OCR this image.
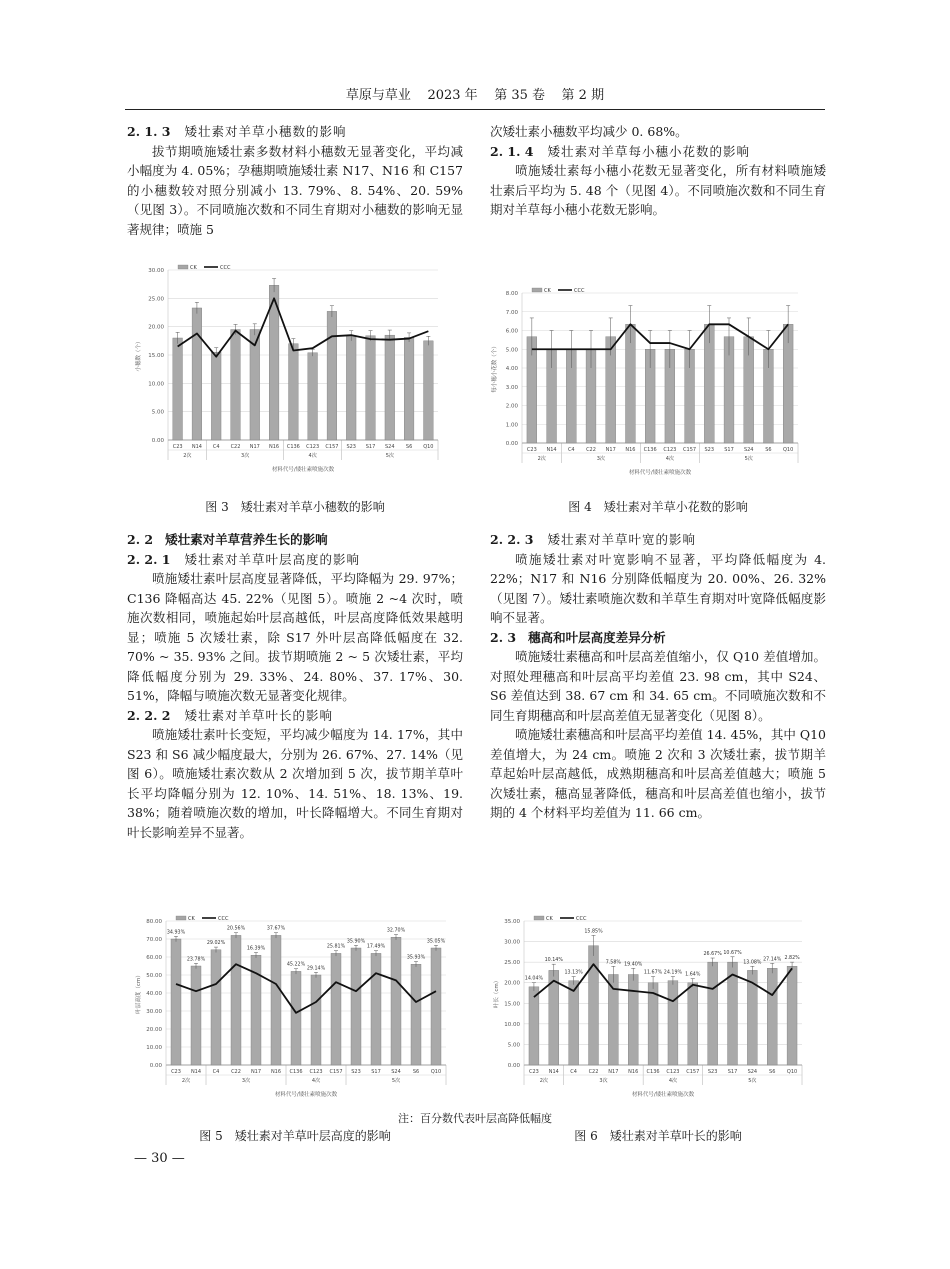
草原与草业 2023 年 第 35 卷 第 2 期
2. 1. 3 矮壮素对羊草小穗数的影响

拔节期喷施矮壮素多数材料小穗数无显著变化，平均减小幅度为 4. 05%；孕穗期喷施矮壮素 N17、N16 和 C157 的小穗数较对照分别减小 13. 79%、8. 54%、20. 59%（见图 3）。不同喷施次数和不同生育期对小穗数的影响无显著规律；喷施 5

次矮壮素小穗数平均减少 0. 68%。

2. 1. 4 矮壮素对羊草每小穗小花数的影响

喷施矮壮素每小穗小花数无显著变化，所有材料喷施矮壮素后平均为 5. 48 个（见图 4）。不同喷施次数和不同生育期对羊草每小穗小花数无影响。

0.00
5.00
10.00
15.00
20.00
25.00
30.00
小穗数（个）
CK	CCC
C23 N14 C4 C22 N17 N16 C136 C123 C157 S23 S17 S24 S6 Q10
2次	3次	4次	5次
材料代号/矮壮素喷施次数
图 3　矮壮素对羊草小穗数的影响
0.00
1.00
2.00
3.00
4.00
5.00
6.00
7.00
8.00
每小穗小花数（个）
CK	CCC
C23 N14 C4 C22 N17 N16 C136 C123 C157 S23 S17 S24 S6 Q10
2次	3次	4次	5次
材料代号/矮壮素喷施次数
图 4　矮壮素对羊草小花数的影响
2. 2 矮壮素对羊草营养生长的影响
2. 2. 1 矮壮素对羊草叶层高度的影响

喷施矮壮素叶层高度显著降低，平均降幅为 29. 97%；C136 降幅高达 45. 22%（见图 5）。喷施 2 ~4 次时，喷施次数相同，喷施起始叶层高越低，叶层高度降低效果越明显；喷施 5 次矮壮素，除 S17 外叶层高降低幅度在 32. 70% ~ 35. 93% 之间。拔节期喷施 2 ~ 5 次矮壮素，平均降低幅度分别为 29. 33%、24. 80%、37. 17%、30. 51%，降幅与喷施次数无显著变化规律。

2. 2. 2 矮壮素对羊草叶长的影响

喷施矮壮素叶长变短，平均减少幅度为 14. 17%，其中 S23 和 S6 减少幅度最大，分别为 26. 67%、27. 14%（见图 6）。喷施矮壮素次数从 2 次增加到 5 次，拔节期羊草叶长平均降幅分别为 12. 10%、14. 51%、18. 13%、19. 38%；随着喷施次数的增加，叶长降幅增大。不同生育期对叶长影响差异不显著。

2. 2. 3 矮壮素对羊草叶宽的影响

喷施矮壮素对叶宽影响不显著，平均降低幅度为 4. 22%；N17 和 N16 分别降低幅度为 20. 00%、26. 32%（见图 7）。矮壮素喷施次数和羊草生育期对叶宽降低幅度影响不显著。

2. 3 穗高和叶层高度差异分析

喷施矮壮素穗高和叶层高差值缩小，仅 Q10 差值增加。对照处理穗高和叶层高平均差值 23. 98 cm，其中 S24、S6 差值达到 38. 67 cm 和 34. 65 cm。不同喷施次数和不同生育期穗高和叶层高差值无显著变化（见图 8）。

喷施矮壮素穗高和叶层高平均差值 14. 45%，其中 Q10 差值增大，为 24 cm。喷施 2 次和 3 次矮壮素，拔节期羊草起始叶层高越低，成熟期穗高和叶层高差值越大；喷施 5 次矮壮素，穗高显著降低，穗高和叶层高差值也缩小，拔节期的 4 个材料平均差值为 11. 66 cm。

0.00
10.00
20.00
30.00
40.00
50.00
60.00
70.00
80.00
叶层高度（cm）
CK	CCC
C23 N14 C4 C22 N17 N16 C136 C123 C157 S23 S17 S24 S6 Q10
34.93%
23.78%
29.02%
20.56%
16.39%
37.67%
45.22%
29.14%
25.81%
35.90%
17.49%
32.70%
35.93%
35.05%
2次	3次	4次	5次
材料代号/矮壮素喷施次数
0.00
5.00
10.00
15.00
20.00
25.00
30.00
35.00
叶长（cm）
CK	CCC
C23 N14 C4 C22 N17 N16 C136 C123 C157 S23 S17 S24 S6 Q10
14.04%
10.14%
13.13%
15.85%
7.58% 19.40%
11.67% 24.19% 1.64%
26.67% 10.67%
13.08%
27.14% 2.82%
2次	3次	4次	5次
材料代号/矮壮素喷施次数
注：百分数代表叶层高降低幅度
图 5　矮壮素对羊草叶层高度的影响	图 6　矮壮素对羊草叶长的影响
— 30 —
